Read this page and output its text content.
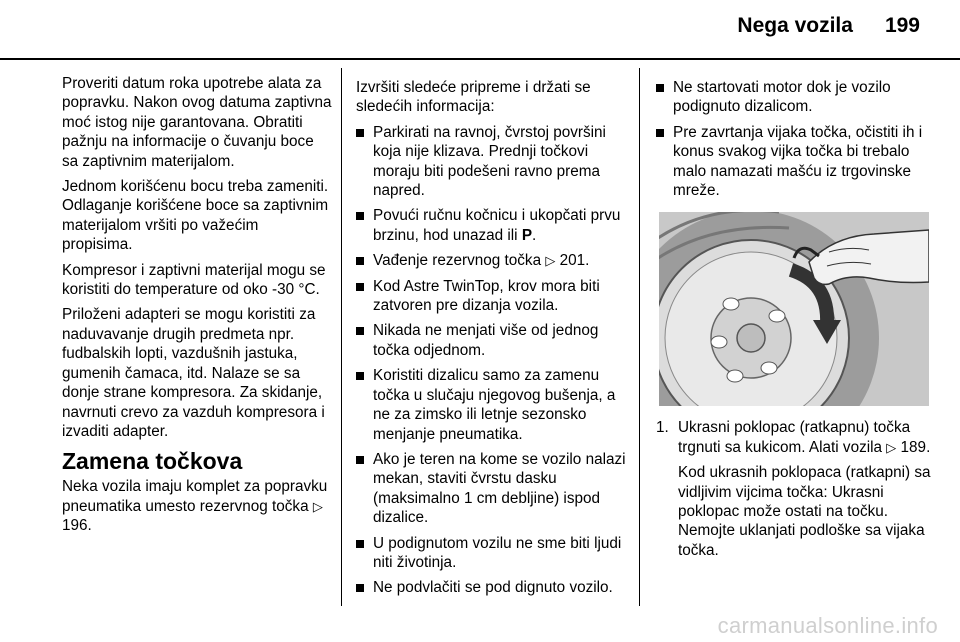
Nega vozila 199

Proveriti datum roka upotrebe alata za popravku. Nakon ovog datuma zaptivna moć istog nije garantovana. Obratiti pažnju na informacije o čuvanju boce sa zaptivnim materijalom.

Jednom korišćenu bocu treba zameniti. Odlaganje korišćene boce sa zaptivnim materijalom vršiti po važećim propisima.

Kompresor i zaptivni materijal mogu se koristiti do temperature od oko -30 °C.

Priloženi adapteri se mogu koristiti za naduvavanje drugih predmeta npr. fudbalskih lopti, vazdušnih jastuka, gumenih čamaca, itd. Nalaze se sa donje strane kompresora. Za skidanje, navrnuti crevo za vazduh kompresora i izvaditi adapter.

Zamena točkova

Neka vozila imaju komplet za popravku pneumatika umesto rezervnog točka ▷ 196.

Izvršiti sledeće pripreme i držati se sledećih informacija:

Parkirati na ravnoj, čvrstoj površini koja nije klizava. Prednji točkovi moraju biti podešeni ravno prema napred.
Povući ručnu kočnicu i ukopčati prvu brzinu, hod unazad ili P.
Vađenje rezervnog točka ▷ 201.
Kod Astre TwinTop, krov mora biti zatvoren pre dizanja vozila.
Nikada ne menjati više od jednog točka odjednom.
Koristiti dizalicu samo za zamenu točka u slučaju njegovog bušenja, a ne za zimsko ili letnje sezonsko menjanje pneumatika.
Ako je teren na kome se vozilo nalazi mekan, staviti čvrstu dasku (maksimalno 1 cm debljine) ispod dizalice.
U podignutom vozilu ne sme biti ljudi niti životinja.
Ne podvlačiti se pod dignuto vozilo.
Ne startovati motor dok je vozilo podignuto dizalicom.
Pre zavrtanja vijaka točka, očistiti ih i konus svakog vijka točka bi trebalo malo namazati mašću iz trgovinske mreže.
1. Ukrasni poklopac (ratkapnu) točka trgnuti sa kukicom. Alati vozila ▷ 189.

Kod ukrasnih poklopaca (ratkapni) sa vidljivim vijcima točka: Ukrasni poklopac može ostati na točku. Nemojte uklanjati podloške sa vijaka točka.

carmanualsonline.info
